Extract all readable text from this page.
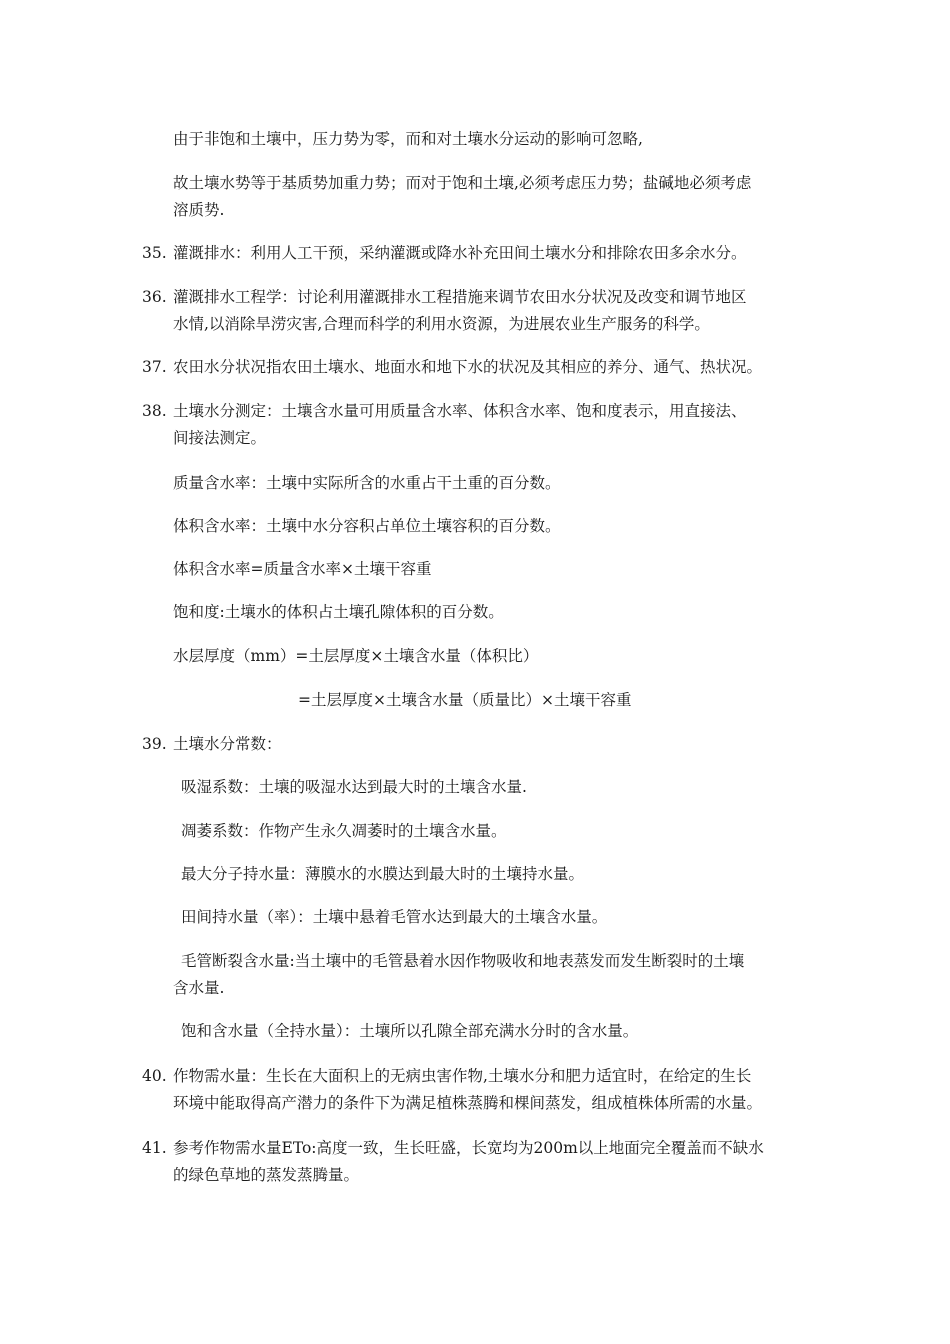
由于非饱和土壤中，压力势为零，而和对土壤水分运动的影响可忽略,
故土壤水势等于基质势加重力势；而对于饱和土壤,必须考虑压力势；盐碱地必须考虑
溶质势.
35. 灌溉排水：利用人工干预，采纳灌溉或降水补充田间土壤水分和排除农田多余水分。
36. 灌溉排水工程学：讨论利用灌溉排水工程措施来调节农田水分状况及改变和调节地区
水情,以消除旱涝灾害,合理而科学的利用水资源，为进展农业生产服务的科学。
37. 农田水分状况指农田土壤水、地面水和地下水的状况及其相应的养分、通气、热状况。
38. 土壤水分测定：土壤含水量可用质量含水率、体积含水率、饱和度表示，用直接法、
间接法测定。
质量含水率：土壤中实际所含的水重占干土重的百分数。
体积含水率：土壤中水分容积占单位土壤容积的百分数。
体积含水率=质量含水率×土壤干容重
饱和度:土壤水的体积占土壤孔隙体积的百分数。
水层厚度（mm）=土层厚度×土壤含水量（体积比）
=土层厚度×土壤含水量（质量比）×土壤干容重
39. 土壤水分常数：
吸湿系数：土壤的吸湿水达到最大时的土壤含水量.
凋萎系数：作物产生永久凋萎时的土壤含水量。
最大分子持水量：薄膜水的水膜达到最大时的土壤持水量。
田间持水量（率）：土壤中悬着毛管水达到最大的土壤含水量。
毛管断裂含水量:当土壤中的毛管悬着水因作物吸收和地表蒸发而发生断裂时的土壤
含水量.
饱和含水量（全持水量）：土壤所以孔隙全部充满水分时的含水量。
40. 作物需水量：生长在大面积上的无病虫害作物,土壤水分和肥力适宜时，在给定的生长
环境中能取得高产潜力的条件下为满足植株蒸腾和棵间蒸发，组成植株体所需的水量。
41. 参考作物需水量ETo:高度一致，生长旺盛，长宽均为200m以上地面完全覆盖而不缺水
的绿色草地的蒸发蒸腾量。
